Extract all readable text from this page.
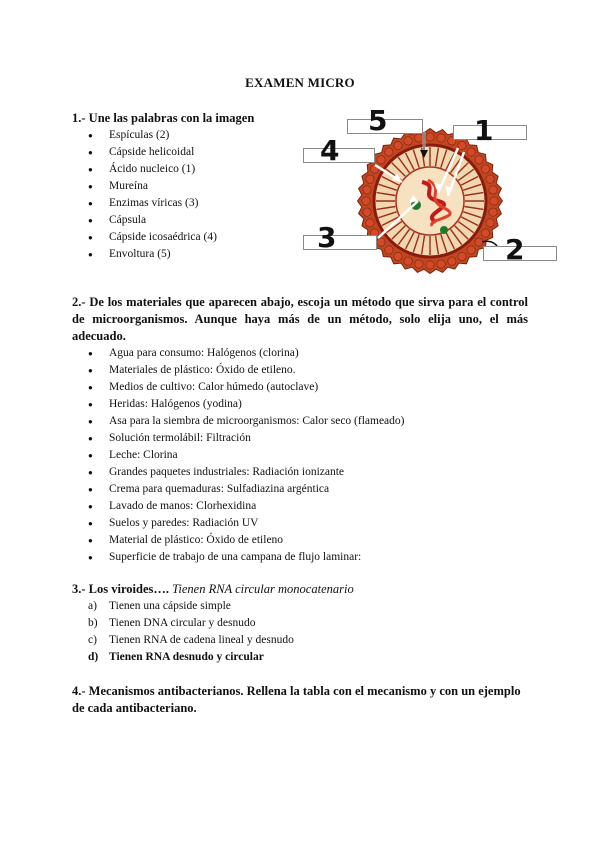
EXAMEN MICRO
1.- Une las palabras con la imagen
● Espículas (2)
● Cápside helicoidal
● Ácido nucleico (1)
● Mureína
● Enzimas víricas (3)
● Cápsula
● Cápside icosaédrica (4)
● Envoltura (5)
5	1
4
3	2
2.- De los materiales que aparecen abajo, escoja un método que sirva para el control de microorganismos. Aunque haya más de un método, solo elija uno, el más adecuado.
● Agua para consumo: Halógenos (clorina)
● Materiales de plástico: Óxido de etileno.
● Medios de cultivo: Calor húmedo (autoclave)
● Heridas: Halógenos (yodina)
● Asa para la siembra de microorganismos: Calor seco (flameado)
● Solución termolábil: Filtración
● Leche: Clorina
● Grandes paquetes industriales: Radiación ionizante
● Crema para quemaduras: Sulfadiazina argéntica
● Lavado de manos: Clorhexidina
● Suelos y paredes: Radiación UV
● Material de plástico: Óxido de etileno
● Superficie de trabajo de una campana de flujo laminar:
3.- Los viroides…. Tienen RNA circular monocatenario
a)	Tienen una cápside simple
b) Tienen DNA circular y desnudo
c)	Tienen RNA de cadena lineal y desnudo
d) Tienen RNA desnudo y circular
4.- Mecanismos antibacterianos. Rellena la tabla con el mecanismo y con un ejemplo de cada antibacteriano.
